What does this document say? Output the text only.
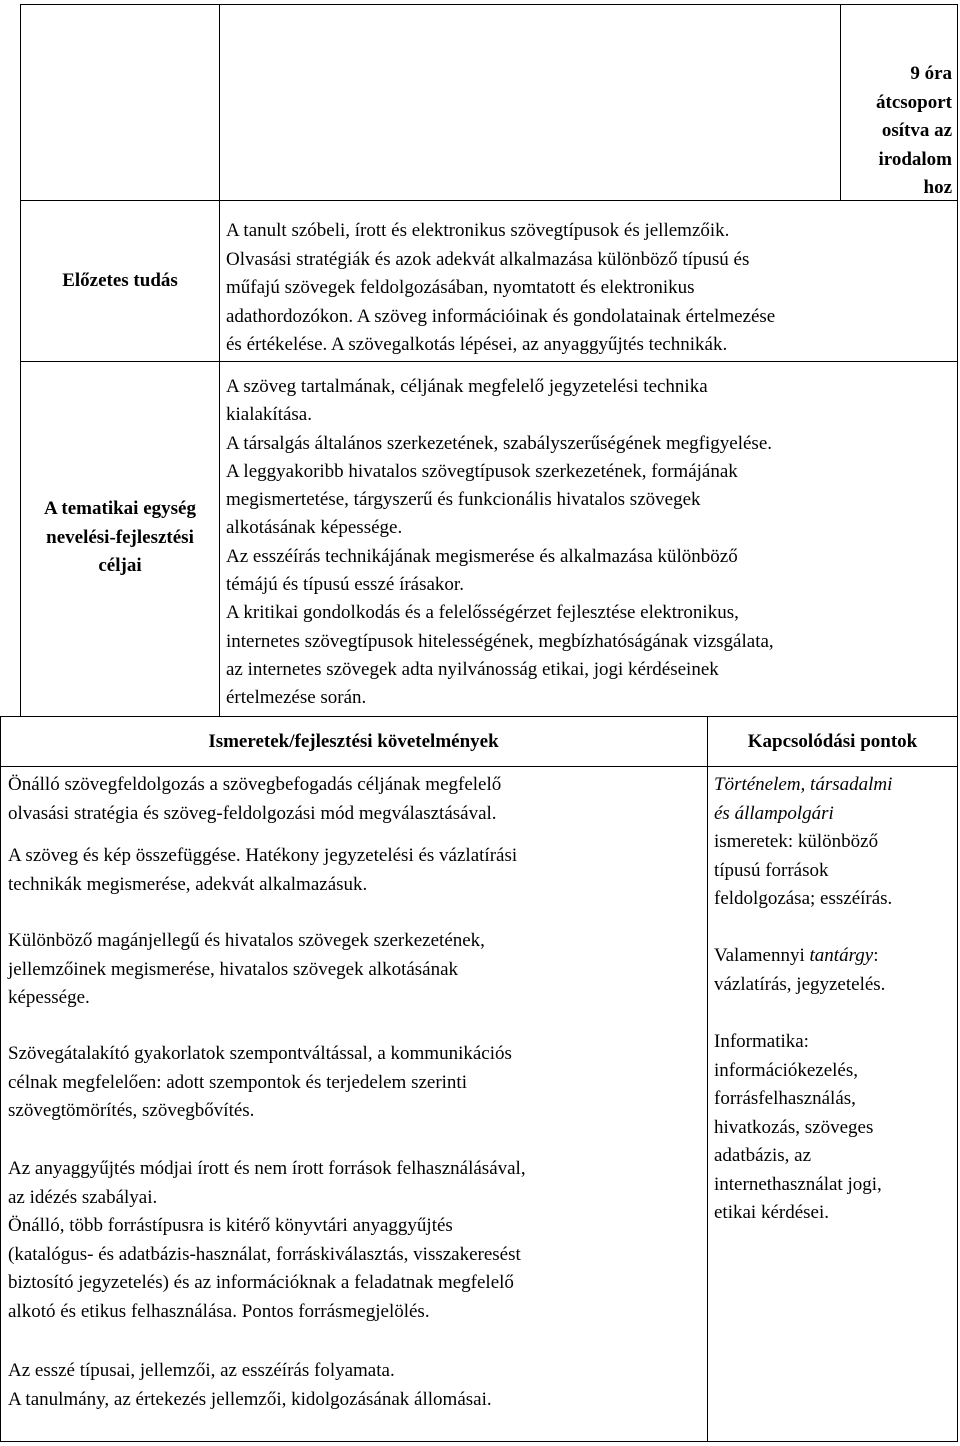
9 óra

átcsoport

osítva az

irodalom

hoz

Előzetes tudás

A tanult szóbeli, írott és elektronikus szövegtípusok és jellemzőik.

Olvasási stratégiák és azok adekvát alkalmazása különböző típusú és

műfajú szövegek feldolgozásában, nyomtatott és elektronikus

adathordozókon. A szöveg információinak és gondolatainak értelmezése

és értékelése. A szövegalkotás lépései, az anyaggyűjtés technikák.

A tematikai egység

nevelési-fejlesztési

céljai

A szöveg tartalmának, céljának megfelelő jegyzetelési technika

kialakítása.

A társalgás általános szerkezetének, szabályszerűségének megfigyelése.

A leggyakoribb hivatalos szövegtípusok szerkezetének, formájának

megismertetése, tárgyszerű és funkcionális hivatalos szövegek

alkotásának képessége.

Az esszéírás technikájának megismerése és alkalmazása különböző

témájú és típusú esszé írásakor.

A kritikai gondolkodás és a felelősségérzet fejlesztése elektronikus,

internetes szövegtípusok hitelességének, megbízhatóságának vizsgálata,

az internetes szövegek adta nyilvánosság etikai, jogi kérdéseinek

értelmezése során.

Ismeretek/fejlesztési követelmények	Kapcsolódási pontok

Önálló szövegfeldolgozás a szövegbefogadás céljának megfelelő

olvasási stratégia és szöveg-feldolgozási mód megválasztásával.

A szöveg és kép összefüggése. Hatékony jegyzetelési és vázlatírási

technikák megismerése, adekvát alkalmazásuk.

Különböző magánjellegű és hivatalos szövegek szerkezetének,

jellemzőinek megismerése, hivatalos szövegek alkotásának

képessége.

Szövegátalakító gyakorlatok szempontváltással, a kommunikációs

célnak megfelelően: adott szempontok és terjedelem szerinti

szövegtömörítés, szövegbővítés.

Az anyaggyűjtés módjai írott és nem írott források felhasználásával,

az idézés szabályai.

Önálló, több forrástípusra is kitérő könyvtári anyaggyűjtés

(katalógus- és adatbázis-használat, forráskiválasztás, visszakeresést

biztosító jegyzetelés) és az információknak a feladatnak megfelelő

alkotó és etikus felhasználása. Pontos forrásmegjelölés.

Az esszé típusai, jellemzői, az esszéírás folyamata.

A tanulmány, az értekezés jellemzői, kidolgozásának állomásai.

Történelem, társadalmi

és állampolgári

ismeretek: különböző

típusú források

feldolgozása; esszéírás.

Valamennyi tantárgy:

vázlatírás, jegyzetelés.

Informatika:

információkezelés,

forrásfelhasználás,

hivatkozás, szöveges

adatbázis, az

internethasználat jogi,

etikai kérdései.
